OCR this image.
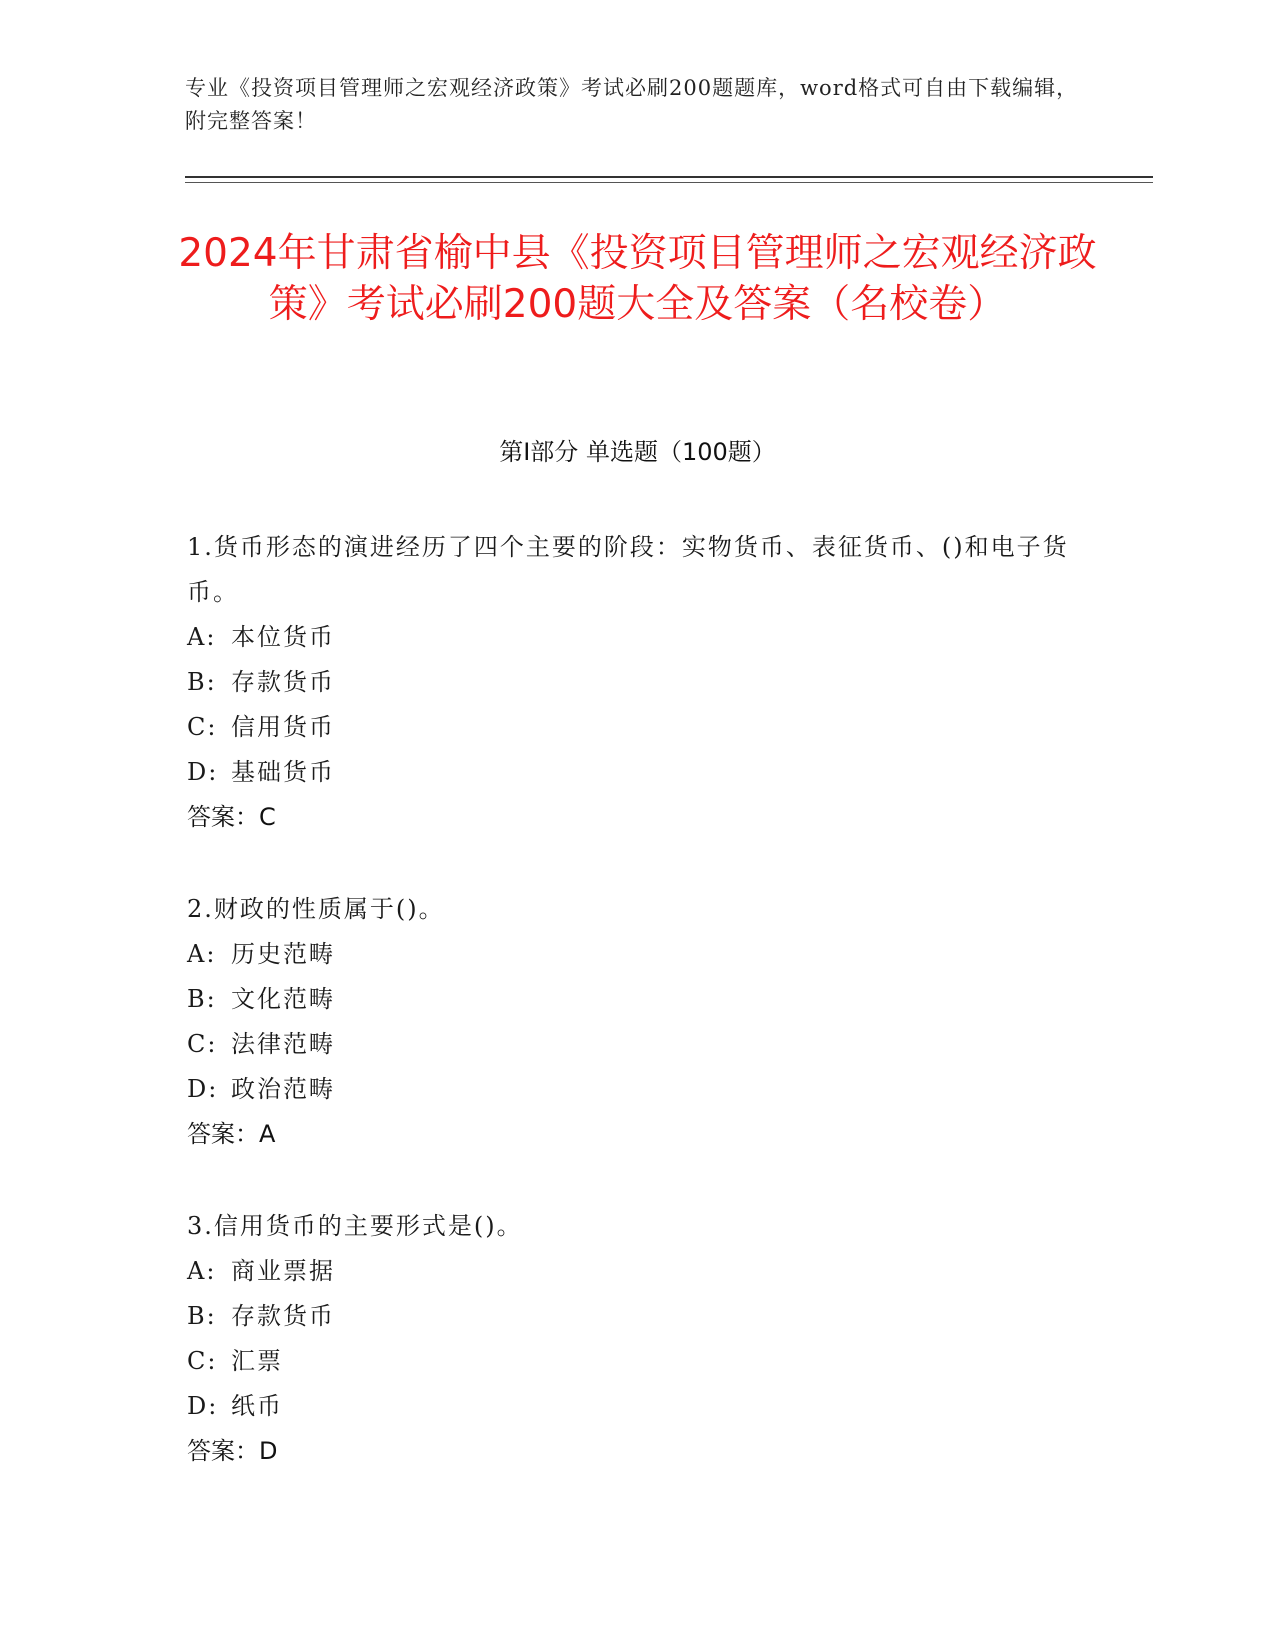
专业《投资项目管理师之宏观经济政策》考试必刷200题题库，word格式可自由下载编辑，附完整答案！
2024年甘肃省榆中县《投资项目管理师之宏观经济政策》考试必刷200题大全及答案（名校卷）
第I部分 单选题（100题）
1.货币形态的演进经历了四个主要的阶段：实物货币、表征货币、()和电子货币。
A: 本位货币
B: 存款货币
C: 信用货币
D: 基础货币
答案：C
2.财政的性质属于()。
A: 历史范畴
B: 文化范畴
C: 法律范畴
D: 政治范畴
答案：A
3.信用货币的主要形式是()。
A: 商业票据
B: 存款货币
C: 汇票
D: 纸币
答案：D
